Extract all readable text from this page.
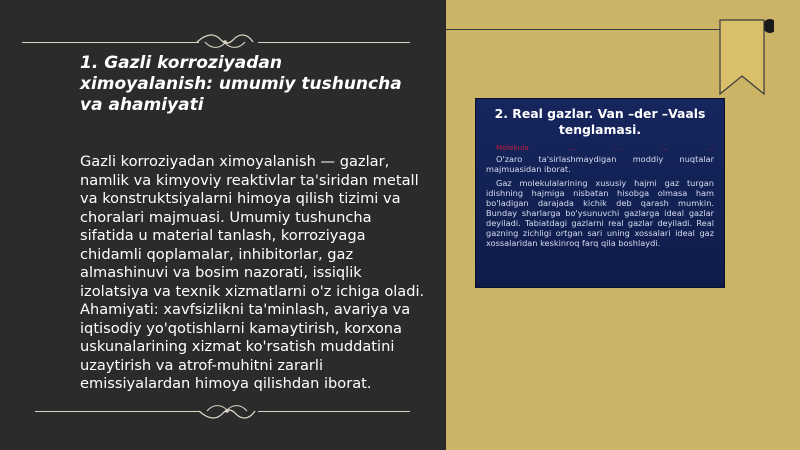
1. Gazli korroziyadan ximoyalanish: umumiy tushuncha va ahamiyati
Gazli korroziyadan ximoyalanish — gazlar, namlik va kimyoviy reaktivlar ta'siridan metall va konstruktsiyalarni himoya qilish tizimi va choralari majmuasi. Umumiy tushuncha sifatida u material tanlash, korroziyaga chidamli qoplamalar, inhibitorlar, gaz almashinuvi va bosim nazorati, issiqlik izolatsiya va texnik xizmatlarni o'z ichiga oladi. Ahamiyati: xavfsizlikni ta'minlash, avariya va iqtisodiy yo'qotishlarni kamaytirish, korxona uskunalarining xizmat ko'rsatish muddatini uzaytirish va atrof-muhitni zararli emissiyalardan himoya qilishdan iborat.
2. Real gazlar. Van –der –Vaals tenglamasi.
Molekula ... ... ... ...
O'zaro ta'sirlashmaydigan moddiy nuqtalar majmuasidan iborat.
Gaz molekulalarining xususiy hajmi gaz turgan idishning hajmiga nisbatan hisobga olmasa ham bo'ladigan darajada kichik deb qarash mumkin. Bunday sharlarga bo'ysunuvchi gazlarga ideal gazlar deyiladi. Tabiatdagi gazlarni real gazlar deyiladi. Real gazning zichligi ortgan sari uning xossalari ideal gaz xossalaridan keskinroq farq qila boshlaydi.
